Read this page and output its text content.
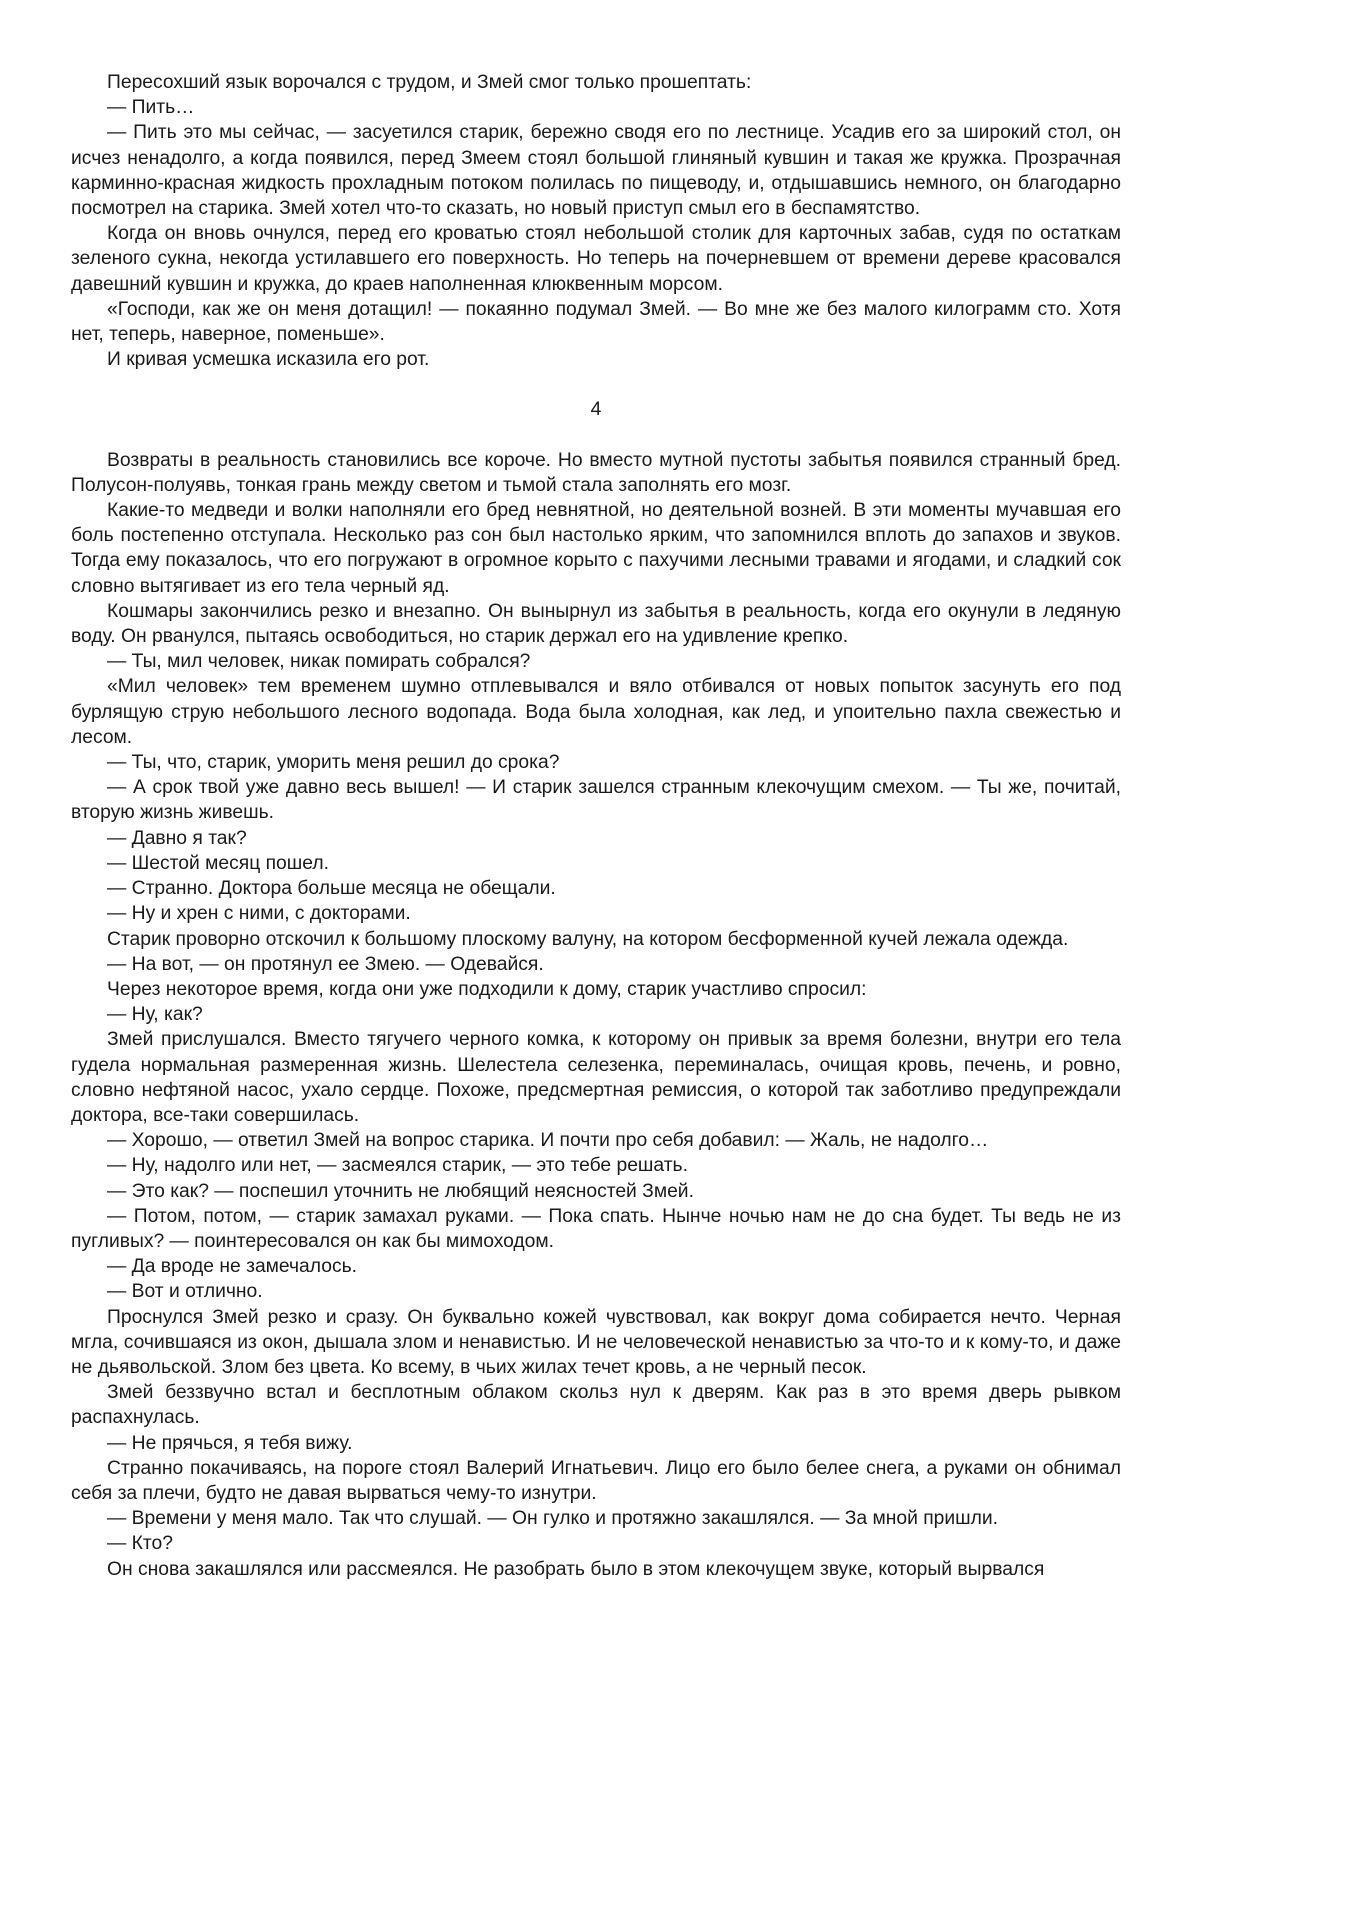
Пересохший язык ворочался с трудом, и Змей смог только прошептать:

— Пить…

— Пить это мы сейчас, — засуетился старик, бережно сводя его по лестнице. Усадив его за широкий стол, он исчез ненадолго, а когда появился, перед Змеем стоял большой глиняный кувшин и такая же кружка. Прозрачная карминно-красная жидкость прохладным потоком полилась по пищеводу, и, отдышавшись немного, он благодарно посмотрел на старика. Змей хотел что-то сказать, но новый приступ смыл его в беспамятство.

Когда он вновь очнулся, перед его кроватью стоял небольшой столик для карточных забав, судя по остаткам зеленого сукна, некогда устилавшего его поверхность. Но теперь на почерневшем от времени дереве красовался давешний кувшин и кружка, до краев наполненная клюквенным морсом.

«Господи, как же он меня дотащил! — покаянно подумал Змей. — Во мне же без малого килограмм сто. Хотя нет, теперь, наверное, поменьше».

И кривая усмешка исказила его рот.

4

Возвраты в реальность становились все короче. Но вместо мутной пустоты забытья появился странный бред. Полусон-полуявь, тонкая грань между светом и тьмой стала заполнять его мозг.

Какие-то медведи и волки наполняли его бред невнятной, но деятельной возней. В эти моменты мучавшая его боль постепенно отступала. Несколько раз сон был настолько ярким, что запомнился вплоть до запахов и звуков. Тогда ему показалось, что его погружают в огромное корыто с пахучими лесными травами и ягодами, и сладкий сок словно вытягивает из его тела черный яд.

Кошмары закончились резко и внезапно. Он вынырнул из забытья в реальность, когда его окунули в ледяную воду. Он рванулся, пытаясь освободиться, но старик держал его на удивление крепко.

— Ты, мил человек, никак помирать собрался?

«Мил человек» тем временем шумно отплевывался и вяло отбивался от новых попыток засунуть его под бурлящую струю небольшого лесного водопада. Вода была холодная, как лед, и упоительно пахла свежестью и лесом.

— Ты, что, старик, уморить меня решил до срока?

— А срок твой уже давно весь вышел! — И старик зашелся странным клекочущим смехом. — Ты же, почитай, вторую жизнь живешь.

— Давно я так?

— Шестой месяц пошел.

— Странно. Доктора больше месяца не обещали.

— Ну и хрен с ними, с докторами.

Старик проворно отскочил к большому плоскому валуну, на котором бесформенной кучей лежала одежда.

— На вот, — он протянул ее Змею. — Одевайся.

Через некоторое время, когда они уже подходили к дому, старик участливо спросил:

— Ну, как?

Змей прислушался. Вместо тягучего черного комка, к которому он привык за время болезни, внутри его тела гудела нормальная размеренная жизнь. Шелестела селезенка, переминалась, очищая кровь, печень, и ровно, словно нефтяной насос, ухало сердце. Похоже, предсмертная ремиссия, о которой так заботливо предупреждали доктора, все-таки совершилась.

— Хорошо, — ответил Змей на вопрос старика. И почти про себя добавил: — Жаль, не надолго…

— Ну, надолго или нет, — засмеялся старик, — это тебе решать.

— Это как? — поспешил уточнить не любящий неясностей Змей.

— Потом, потом, — старик замахал руками. — Пока спать. Нынче ночью нам не до сна будет. Ты ведь не из пугливых? — поинтересовался он как бы мимоходом.

— Да вроде не замечалось.

— Вот и отлично.

Проснулся Змей резко и сразу. Он буквально кожей чувствовал, как вокруг дома собирается нечто. Черная мгла, сочившаяся из окон, дышала злом и ненавистью. И не человеческой ненавистью за что-то и к кому-то, и даже не дьявольской. Злом без цвета. Ко всему, в чьих жилах течет кровь, а не черный песок.

Змей беззвучно встал и бесплотным облаком скольз нул к дверям. Как раз в это время дверь рывком распахнулась.

— Не прячься, я тебя вижу.

Странно покачиваясь, на пороге стоял Валерий Игнатьевич. Лицо его было белее снега, а руками он обнимал себя за плечи, будто не давая вырваться чему-то изнутри.

— Времени у меня мало. Так что слушай. — Он гулко и протяжно закашлялся. — За мной пришли.

— Кто?

Он снова закашлялся или рассмеялся. Не разобрать было в этом клекочущем звуке, который вырвался
